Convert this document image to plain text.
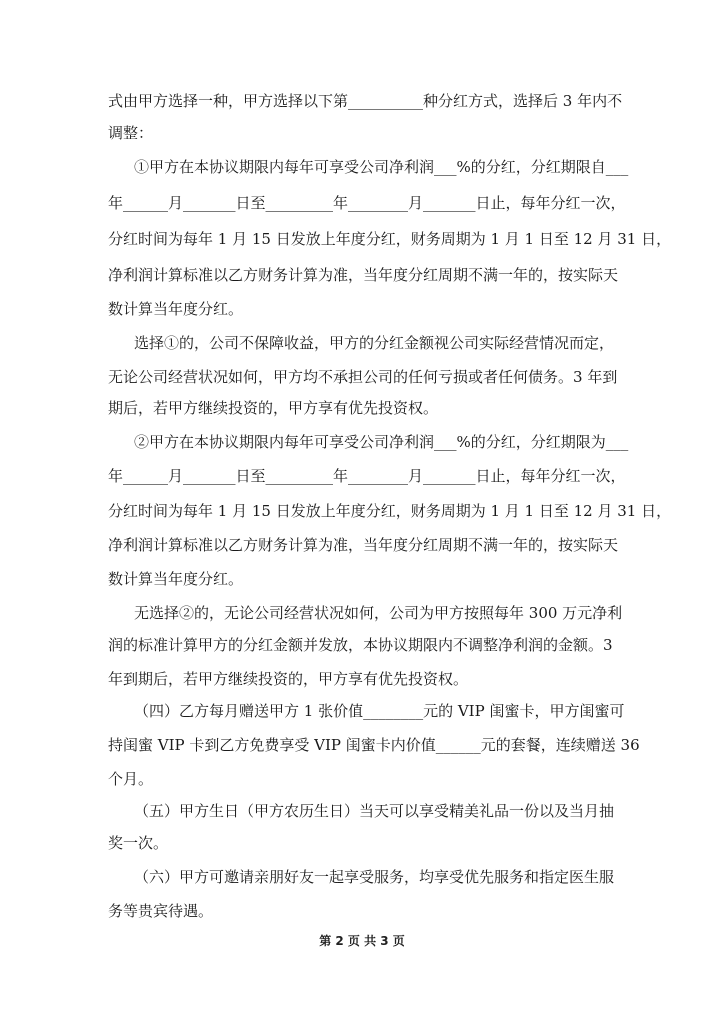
式由甲方选择一种，甲方选择以下第__________种分红方式，选择后 3 年内不
调整：
①甲方在本协议期限内每年可享受公司净利润___%的分红，分红期限自___
年______月_______日至_________年________月_______日止，每年分红一次，
分红时间为每年 1 月 15 日发放上年度分红，财务周期为 1 月 1 日至 12 月 31 日，
净利润计算标准以乙方财务计算为准，当年度分红周期不满一年的，按实际天
数计算当年度分红。
选择①的，公司不保障收益，甲方的分红金额视公司实际经营情况而定，
无论公司经营状况如何，甲方均不承担公司的任何亏损或者任何债务。3 年到
期后，若甲方继续投资的，甲方享有优先投资权。
②甲方在本协议期限内每年可享受公司净利润___%的分红，分红期限为___
年______月_______日至_________年________月_______日止，每年分红一次，
分红时间为每年 1 月 15 日发放上年度分红，财务周期为 1 月 1 日至 12 月 31 日，
净利润计算标准以乙方财务计算为准，当年度分红周期不满一年的，按实际天
数计算当年度分红。
无选择②的，无论公司经营状况如何，公司为甲方按照每年 300 万元净利
润的标准计算甲方的分红金额并发放，本协议期限内不调整净利润的金额。3
年到期后，若甲方继续投资的，甲方享有优先投资权。
（四）乙方每月赠送甲方 1 张价值________元的 VIP 闺蜜卡，甲方闺蜜可
持闺蜜 VIP 卡到乙方免费享受 VIP 闺蜜卡内价值______元的套餐，连续赠送 36
个月。
（五）甲方生日（甲方农历生日）当天可以享受精美礼品一份以及当月抽
奖一次。
（六）甲方可邀请亲朋好友一起享受服务，均享受优先服务和指定医生服
务等贵宾待遇。
第 2 页 共 3 页
